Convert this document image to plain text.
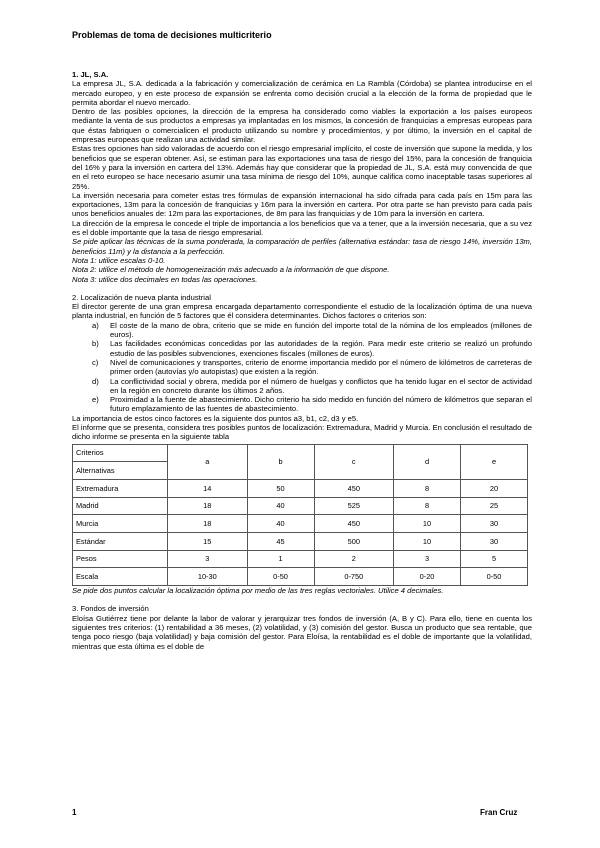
Problemas de toma de decisiones multicriterio

1. JL, S.A.

La empresa JL, S.A. dedicada a la fabricación y comercialización de cerámica en La Rambla (Córdoba) se plantea introducirse en el mercado europeo, y en este proceso de expansión se enfrenta como decisión crucial a la elección de la forma de propiedad que le permita abordar el nuevo mercado.

Dentro de las posibles opciones, la dirección de la empresa ha considerado como viables la exportación a los países europeos mediante la venta de sus productos a empresas ya implantadas en los mismos, la concesión de franquicias a empresas europeas para que éstas fabriquen o comercialicen el producto utilizando su nombre y procedimientos, y por último, la inversión en el capital de empresas europeas que realizan una actividad similar.

Estas tres opciones han sido valoradas de acuerdo con el riesgo empresarial implícito, el coste de inversión que supone la medida, y los beneficios que se esperan obtener. Así, se estiman para las exportaciones una tasa de riesgo del 15%, para la concesión de franquicia del 16% y para la inversión en cartera del 13%. Además hay que considerar que la propiedad de JL, S.A. está muy convencida de que en el reto europeo se hace necesario asumir una tasa mínima de riesgo del 10%, aunque califica como inaceptable tasas superiores al 25%.

La inversión necesaria para cometer estas tres fórmulas de expansión internacional ha sido cifrada para cada país en 15m para las exportaciones, 13m para la concesión de franquicias y 16m para la inversión en cartera. Por otra parte se han previsto para cada país unos beneficios anuales de: 12m para las exportaciones, de 8m para las franquicias y de 10m para la inversión en cartera.

La dirección de la empresa le concede el triple de importancia a los beneficios que va a tener, que a la inversión necesaria, que a su vez es el doble importante que la tasa de riesgo empresarial.

Se pide aplicar las técnicas de la suma ponderada, la comparación de perfiles (alternativa estándar: tasa de riesgo 14%, inversión 13m, beneficios 11m) y la distancia a la perfección.

Nota 1: utilice escalas 0-10.

Nota 2: utilice el método de homogeneización más adecuado a la información de que dispone.

Nota 3: utilice dos decimales en todas las operaciones.

2. Localización de nueva planta industrial

El director gerente de una gran empresa encargada departamento correspondiente el estudio de la localización óptima de una nueva planta industrial, en función de 5 factores que él considera determinantes. Dichos factores o criterios son:

a) El coste de la mano de obra, criterio que se mide en función del importe total de la nómina de los empleados (millones de euros).
b) Las facilidades económicas concedidas por las autoridades de la región. Para medir este criterio se realizó un profundo estudio de las posibles subvenciones, exenciones fiscales (millones de euros).
c) Nivel de comunicaciones y transportes, criterio de enorme importancia medido por el número de kilómetros de carreteras de primer orden (autovías y/o autopistas) que existen a la región.
d) La conflictividad social y obrera, medida por el número de huelgas y conflictos que ha tenido lugar en el sector de actividad en la región en concreto durante los últimos 2 años.
e) Proximidad a la fuente de abastecimiento. Dicho criterio ha sido medido en función del número de kilómetros que separan el futuro emplazamiento de las fuentes de abastecimiento.

La importancia de estos cinco factores es la siguiente dos puntos a3, b1, c2, d3 y e5.

El informe que se presenta, considera tres posibles puntos de localización: Extremadura, Madrid y Murcia. En conclusión el resultado de dicho informe se presenta en la siguiente tabla

Criterios	a	b	c	d	e
Alternativas					
Extremadura	14	50	450	8	20
Madrid	18	40	525	8	25
Murcia	18	40	450	10	30
Estándar	15	45	500	10	30
Pesos	3	1	2	3	5
Escala	10-30	0-50	0-750	0-20	0-50

Se pide dos puntos calcular la localización óptima por medio de las tres reglas vectoriales. Utilice 4 decimales.

3. Fondos de inversión

Eloísa Gutiérrez tiene por delante la labor de valorar y jerarquizar tres fondos de inversión (A, B y C). Para ello, tiene en cuenta los siguientes tres criterios: (1) rentabilidad a 36 meses, (2) volatilidad, y (3) comisión del gestor. Busca un producto que sea rentable, que tenga poco riesgo (baja volatilidad) y baja comisión del gestor. Para Eloísa, la rentabilidad es el doble de importante que la volatilidad, mientras que esta última es el doble de

1	Fran Cruz
